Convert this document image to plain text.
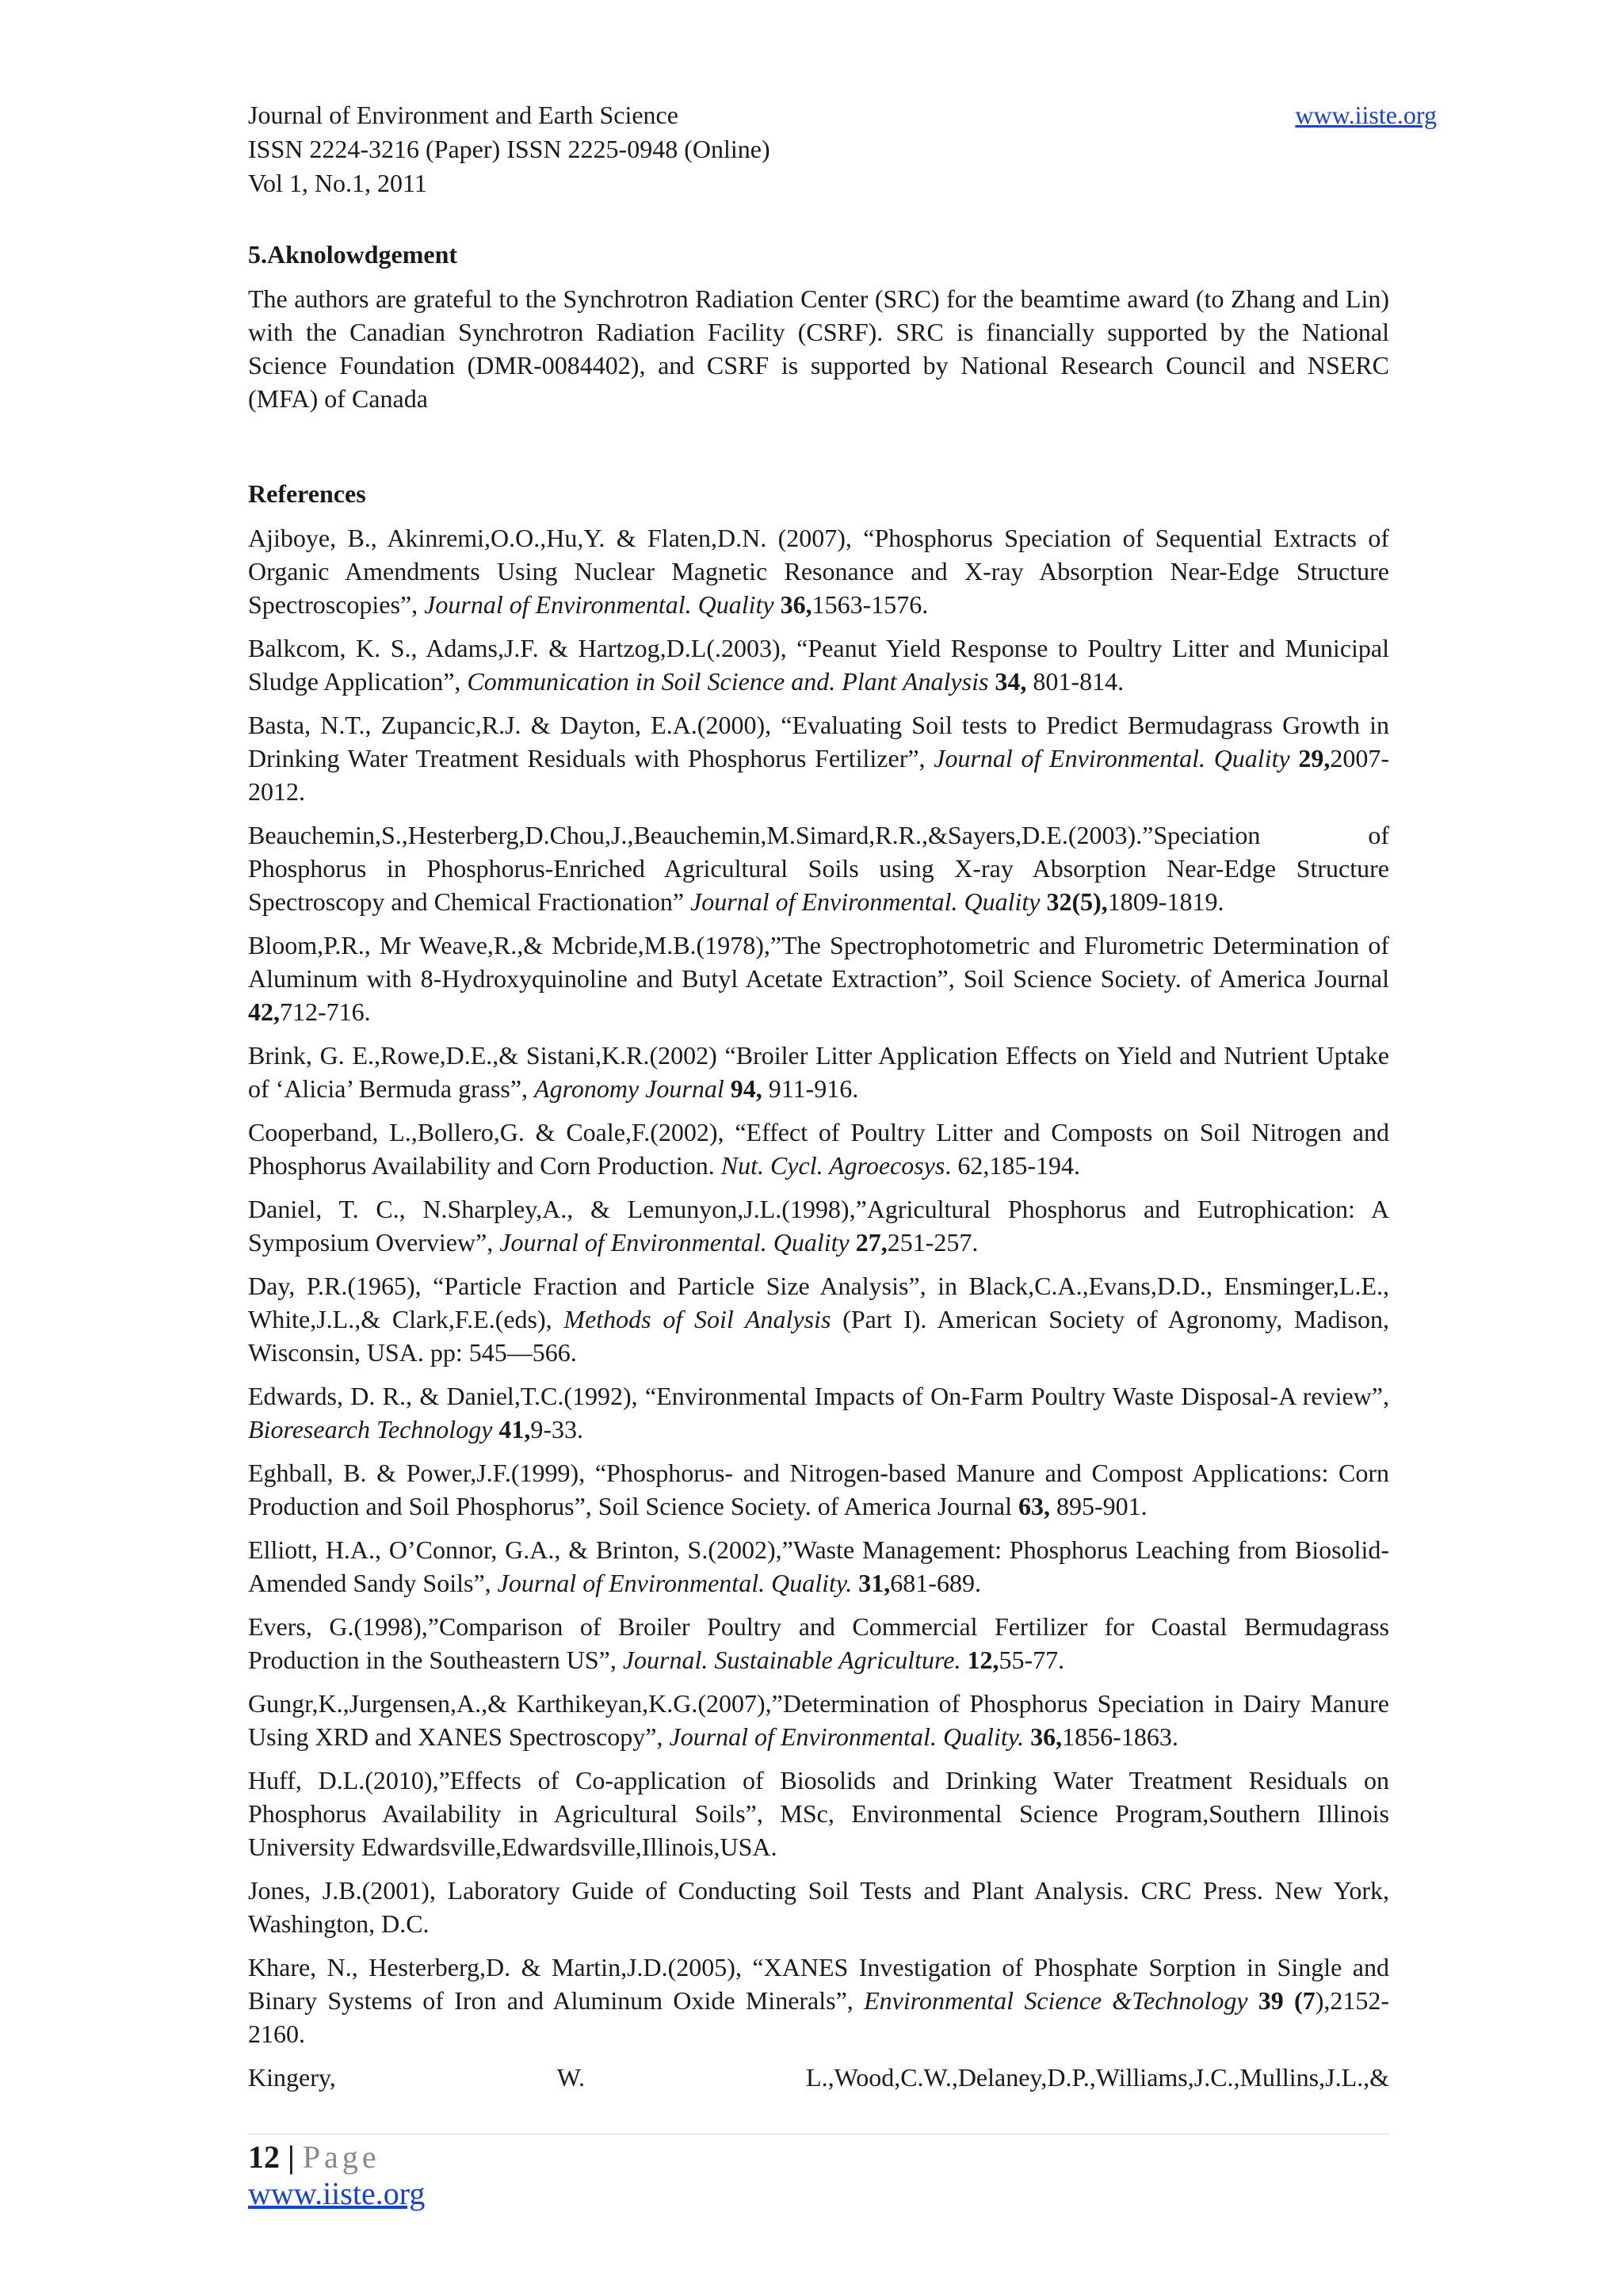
Journal of Environment and Earth Science
ISSN 2224-3216 (Paper) ISSN 2225-0948 (Online)
Vol 1, No.1, 2011
www.iiste.org

5.Aknolowdgement

The authors are grateful to the Synchrotron Radiation Center (SRC) for the beamtime award (to Zhang and Lin) with the Canadian Synchrotron Radiation Facility (CSRF). SRC is financially supported by the National Science Foundation (DMR-0084402), and CSRF is supported by National Research Council and NSERC (MFA) of Canada

References

Ajiboye, B., Akinremi,O.O.,Hu,Y. & Flaten,D.N. (2007), “Phosphorus Speciation of Sequential Extracts of Organic Amendments Using Nuclear Magnetic Resonance and X-ray Absorption Near-Edge Structure Spectroscopies”, Journal of Environmental. Quality 36,1563-1576.

Balkcom, K. S., Adams,J.F. & Hartzog,D.L(.2003), “Peanut Yield Response to Poultry Litter and Municipal Sludge Application”, Communication in Soil Science and. Plant Analysis 34, 801-814.

Basta, N.T., Zupancic,R.J. & Dayton, E.A.(2000), “Evaluating Soil tests to Predict Bermudagrass Growth in Drinking Water Treatment Residuals with Phosphorus Fertilizer”, Journal of Environmental. Quality 29,2007-2012.

Beauchemin,S.,Hesterberg,D.Chou,J.,Beauchemin,M.Simard,R.R.,&Sayers,D.E.(2003).”Speciation of Phosphorus in Phosphorus-Enriched Agricultural Soils using X-ray Absorption Near-Edge Structure Spectroscopy and Chemical Fractionation” Journal of Environmental. Quality 32(5),1809-1819.

Bloom,P.R., Mr Weave,R.,& Mcbride,M.B.(1978),”The Spectrophotometric and Flurometric Determination of Aluminum with 8-Hydroxyquinoline and Butyl Acetate Extraction”, Soil Science Society. of America Journal 42,712-716.

Brink, G. E.,Rowe,D.E.,& Sistani,K.R.(2002) “Broiler Litter Application Effects on Yield and Nutrient Uptake of ‘Alicia’ Bermuda grass”, Agronomy Journal 94, 911-916.

Cooperband, L.,Bollero,G. & Coale,F.(2002), “Effect of Poultry Litter and Composts on Soil Nitrogen and Phosphorus Availability and Corn Production. Nut. Cycl. Agroecosys. 62,185-194.

Daniel, T. C., N.Sharpley,A., & Lemunyon,J.L.(1998),”Agricultural Phosphorus and Eutrophication: A Symposium Overview”, Journal of Environmental. Quality 27,251-257.

Day, P.R.(1965), “Particle Fraction and Particle Size Analysis”, in Black,C.A.,Evans,D.D., Ensminger,L.E., White,J.L.,& Clark,F.E.(eds), Methods of Soil Analysis (Part I). American Society of Agronomy, Madison, Wisconsin, USA. pp: 545—566.

Edwards, D. R., & Daniel,T.C.(1992), “Environmental Impacts of On-Farm Poultry Waste Disposal-A review”, Bioresearch Technology 41,9-33.

Eghball, B. & Power,J.F.(1999), “Phosphorus- and Nitrogen-based Manure and Compost Applications: Corn Production and Soil Phosphorus”, Soil Science Society. of America Journal 63, 895-901.

Elliott, H.A., O’Connor, G.A., & Brinton, S.(2002),”Waste Management: Phosphorus Leaching from Biosolid-Amended Sandy Soils”, Journal of Environmental. Quality. 31,681-689.

Evers, G.(1998),”Comparison of Broiler Poultry and Commercial Fertilizer for Coastal Bermudagrass Production in the Southeastern US”, Journal. Sustainable Agriculture. 12,55-77.

Gungr,K.,Jurgensen,A.,& Karthikeyan,K.G.(2007),”Determination of Phosphorus Speciation in Dairy Manure Using XRD and XANES Spectroscopy”, Journal of Environmental. Quality. 36,1856-1863.

Huff, D.L.(2010),”Effects of Co-application of Biosolids and Drinking Water Treatment Residuals on Phosphorus Availability in Agricultural Soils”, MSc, Environmental Science Program,Southern Illinois University Edwardsville,Edwardsville,Illinois,USA.

Jones, J.B.(2001), Laboratory Guide of Conducting Soil Tests and Plant Analysis. CRC Press. New York, Washington, D.C.

Khare, N., Hesterberg,D. & Martin,J.D.(2005), “XANES Investigation of Phosphate Sorption in Single and Binary Systems of Iron and Aluminum Oxide Minerals”, Environmental Science &Technology 39 (7),2152-2160.

Kingery,	W.	L.,Wood,C.W.,Delaney,D.P.,Williams,J.C.,Mullins,J.L.,&
12 | Page
www.iiste.org
